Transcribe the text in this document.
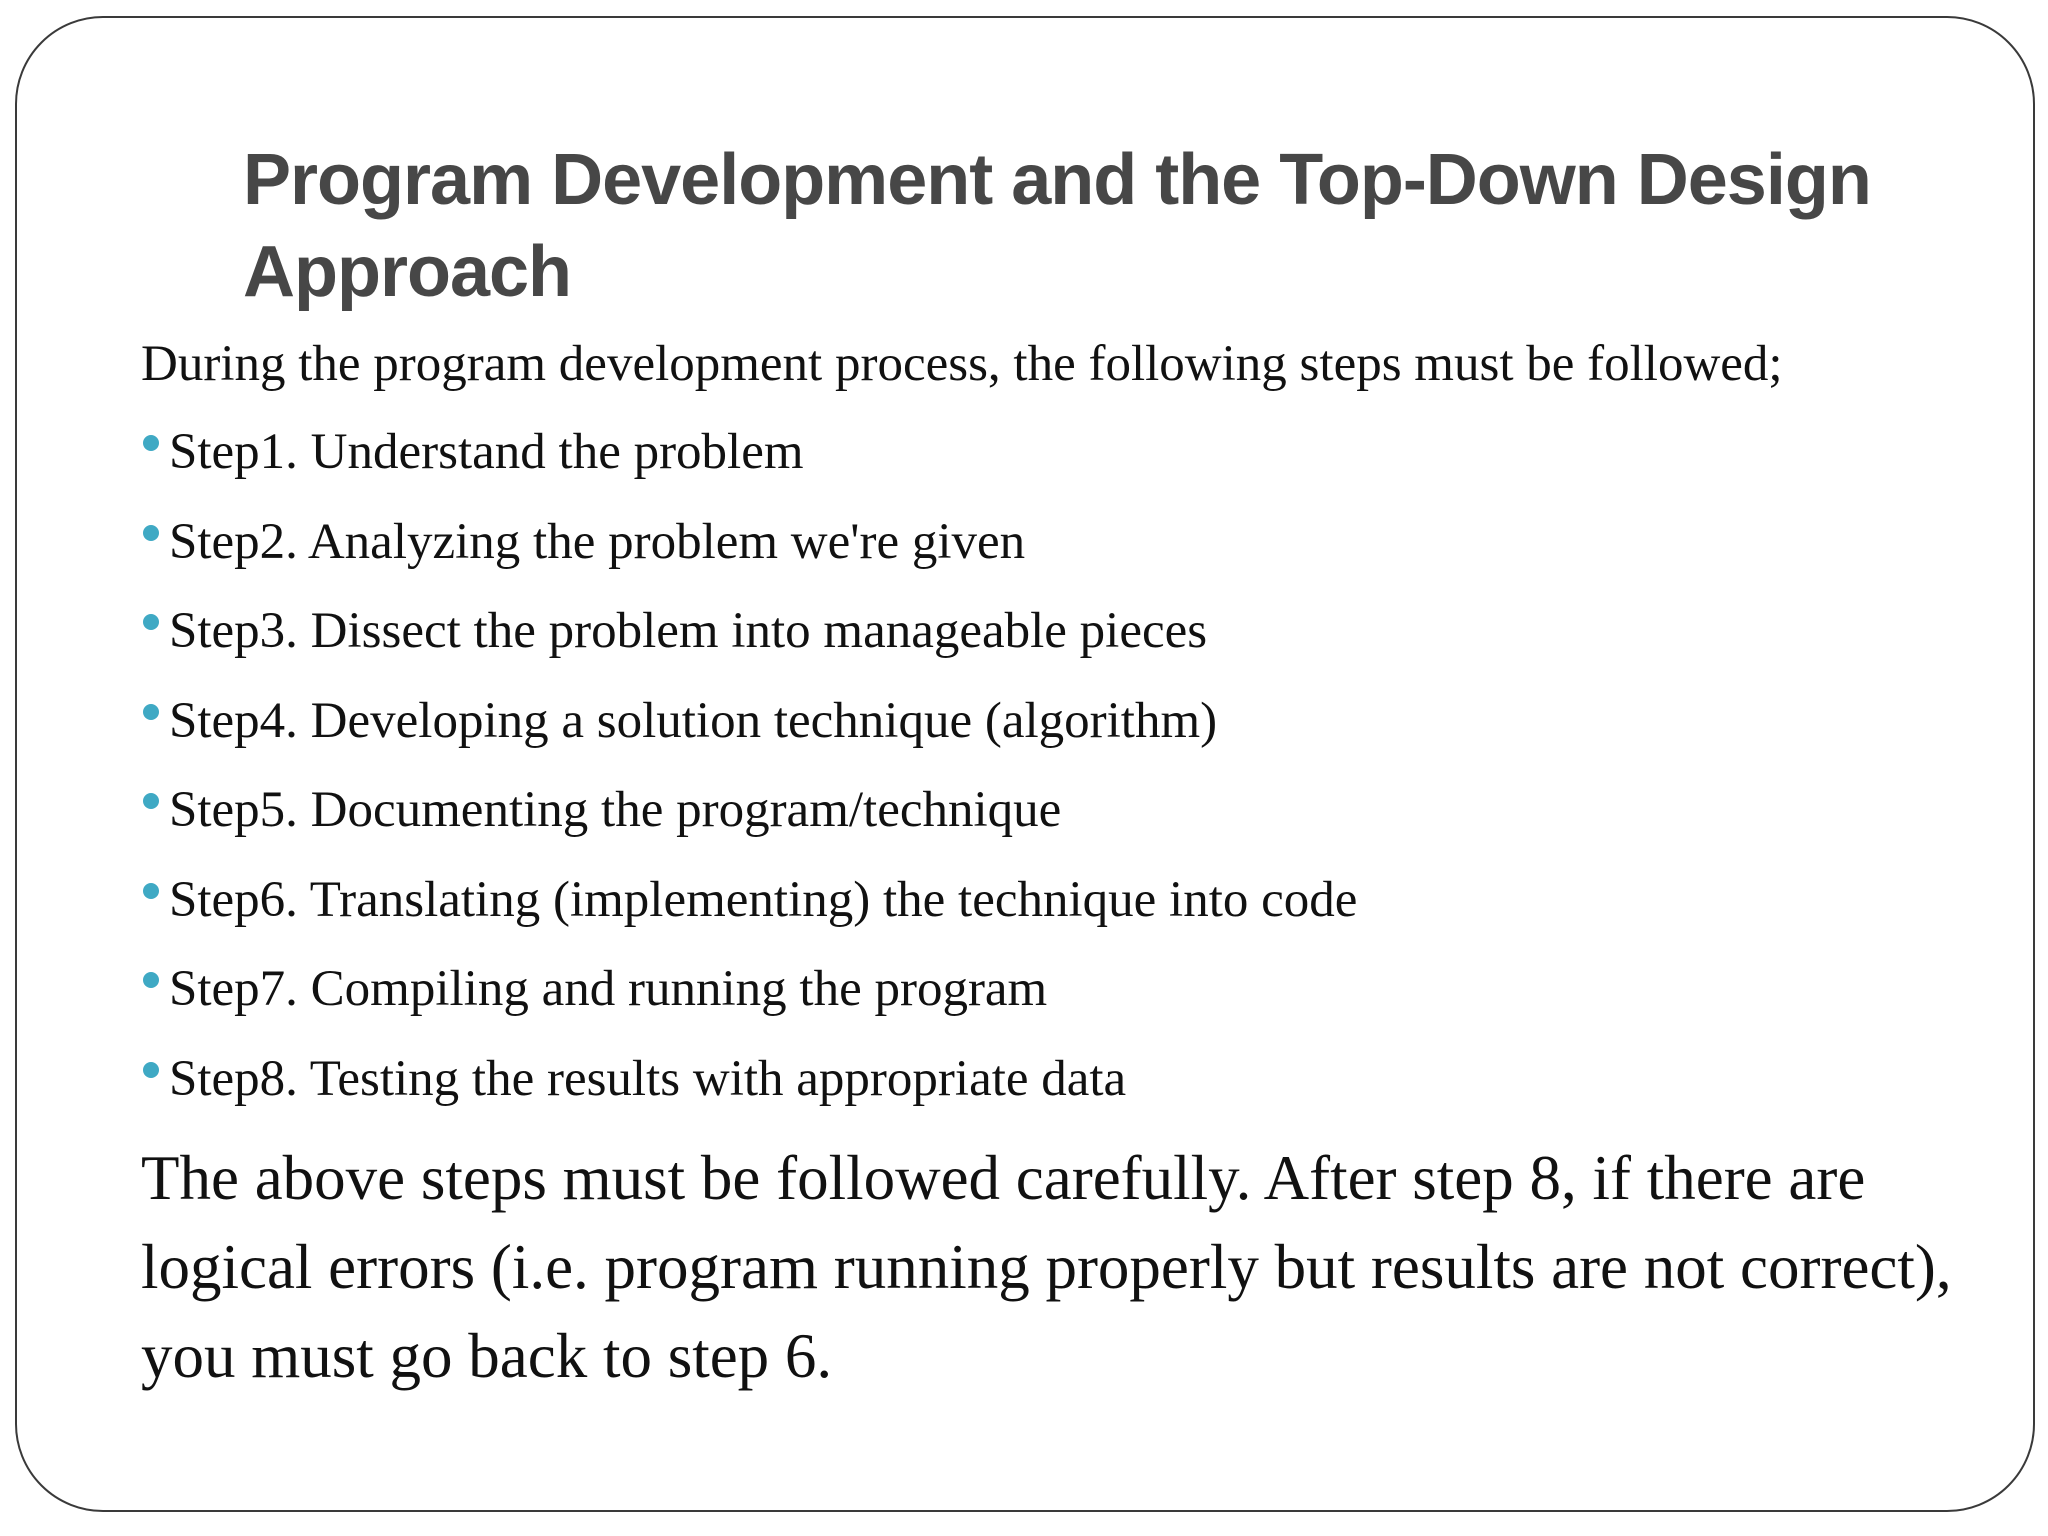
Program Development and the Top-Down Design Approach

During the program development process, the following steps must be followed;

Step1. Understand the problem
Step2. Analyzing the problem we're given
Step3. Dissect the problem into manageable pieces
Step4. Developing a solution technique (algorithm)
Step5. Documenting the program/technique
Step6. Translating (implementing) the technique into code
Step7. Compiling and running the program
Step8. Testing the results with appropriate data

The above steps must be followed carefully. After step 8, if there are logical errors (i.e. program running properly but results are not correct), you must go back to step 6.
